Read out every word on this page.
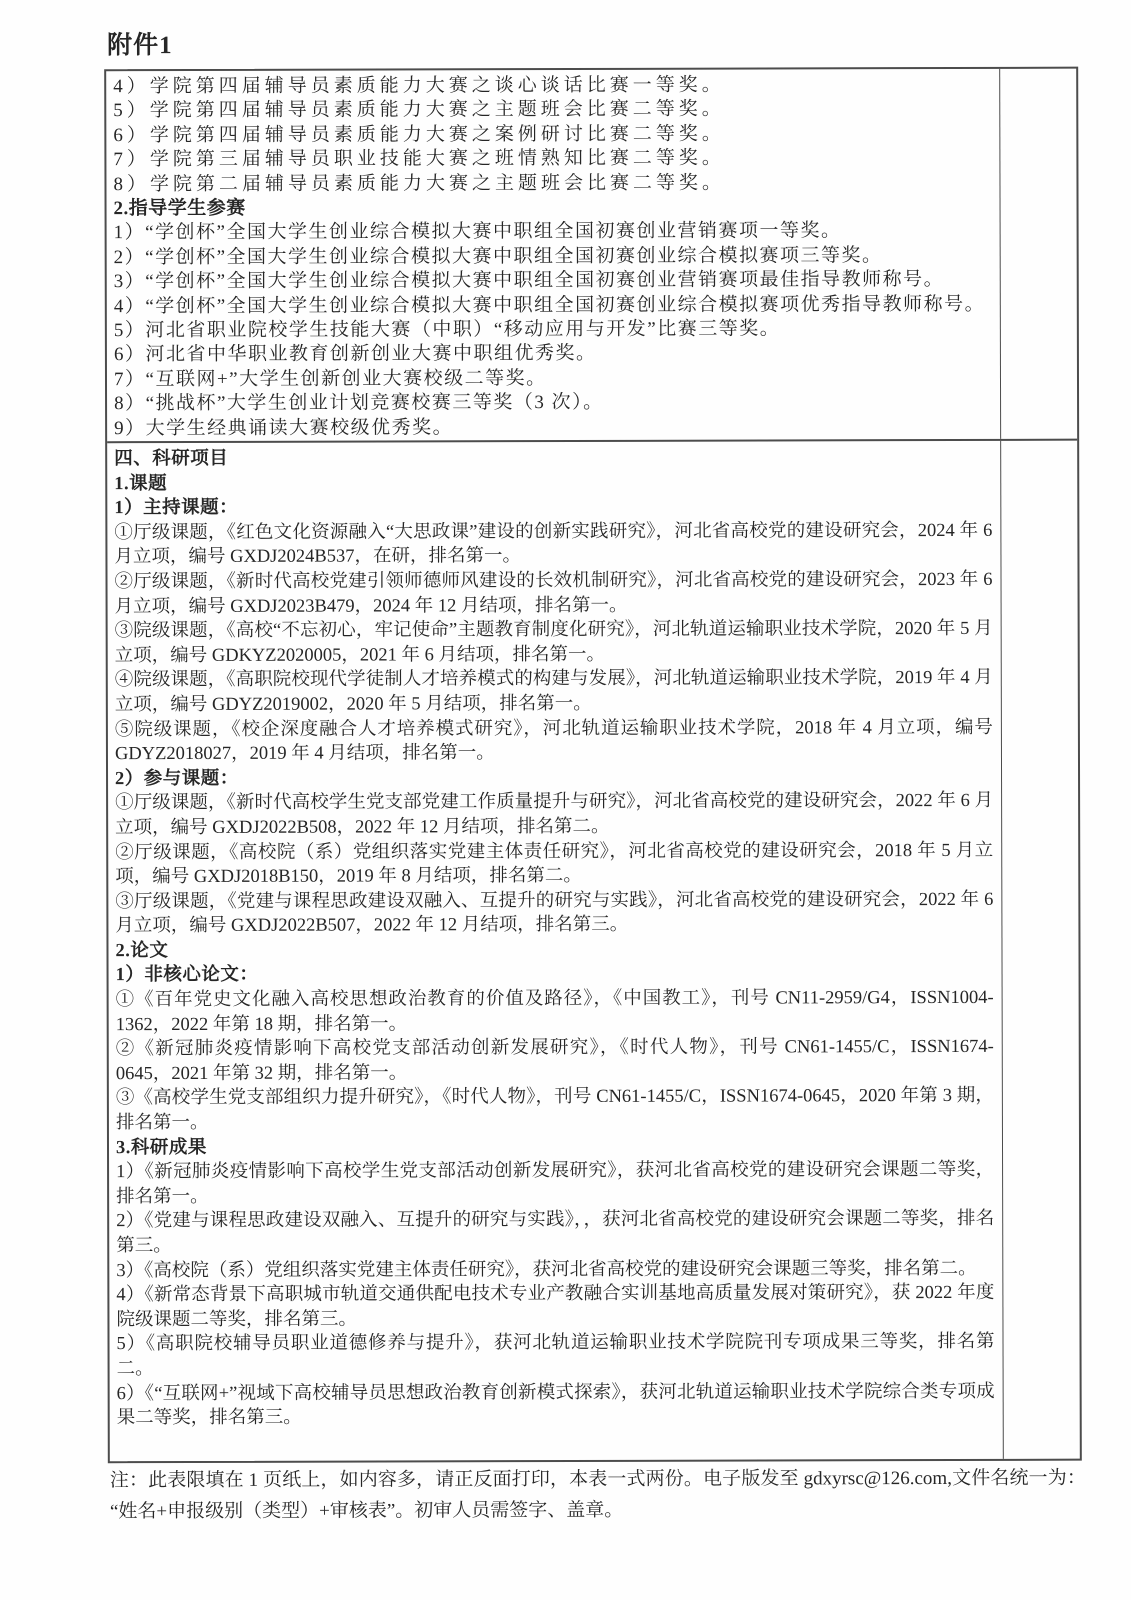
附件1

4）学院第四届辅导员素质能力大赛之谈心谈话比赛一等奖。

5）学院第四届辅导员素质能力大赛之主题班会比赛二等奖。

6）学院第四届辅导员素质能力大赛之案例研讨比赛二等奖。

7）学院第三届辅导员职业技能大赛之班情熟知比赛二等奖。

8）学院第二届辅导员素质能力大赛之主题班会比赛二等奖。

2.指导学生参赛

1）“学创杯”全国大学生创业综合模拟大赛中职组全国初赛创业营销赛项一等奖。

2）“学创杯”全国大学生创业综合模拟大赛中职组全国初赛创业综合模拟赛项三等奖。

3）“学创杯”全国大学生创业综合模拟大赛中职组全国初赛创业营销赛项最佳指导教师称号。

4）“学创杯”全国大学生创业综合模拟大赛中职组全国初赛创业综合模拟赛项优秀指导教师称号。

5）河北省职业院校学生技能大赛（中职）“移动应用与开发”比赛三等奖。

6）河北省中华职业教育创新创业大赛中职组优秀奖。

7）“互联网+”大学生创新创业大赛校级二等奖。

8）“挑战杯”大学生创业计划竞赛校赛三等奖（3 次）。

9）大学生经典诵读大赛校级优秀奖。

四、科研项目

1.课题

1）主持课题：

①厅级课题，《红色文化资源融入“大思政课”建设的创新实践研究》，河北省高校党的建设研究会，2024 年 6 月立项，编号 GXDJ2024B537，在研，排名第一。

②厅级课题，《新时代高校党建引领师德师风建设的长效机制研究》，河北省高校党的建设研究会，2023 年 6 月立项，编号 GXDJ2023B479，2024 年 12 月结项，排名第一。

③院级课题，《高校“不忘初心，牢记使命”主题教育制度化研究》，河北轨道运输职业技术学院，2020 年 5 月立项，编号 GDKYZ2020005，2021 年 6 月结项，排名第一。

④院级课题，《高职院校现代学徒制人才培养模式的构建与发展》，河北轨道运输职业技术学院，2019 年 4 月立项，编号 GDYZ2019002，2020 年 5 月结项，排名第一。

⑤院级课题，《校企深度融合人才培养模式研究》，河北轨道运输职业技术学院，2018 年 4 月立项，编号 GDYZ2018027，2019 年 4 月结项，排名第一。

2）参与课题：

①厅级课题，《新时代高校学生党支部党建工作质量提升与研究》，河北省高校党的建设研究会，2022 年 6 月立项，编号 GXDJ2022B508，2022 年 12 月结项，排名第二。

②厅级课题，《高校院（系）党组织落实党建主体责任研究》，河北省高校党的建设研究会，2018 年 5 月立项，编号 GXDJ2018B150，2019 年 8 月结项，排名第二。

③厅级课题，《党建与课程思政建设双融入、互提升的研究与实践》，河北省高校党的建设研究会，2022 年 6 月立项，编号 GXDJ2022B507，2022 年 12 月结项，排名第三。

2.论文

1）非核心论文：

①《百年党史文化融入高校思想政治教育的价值及路径》，《中国教工》，刊号 CN11-2959/G4，ISSN1004-1362，2022 年第 18 期，排名第一。

②《新冠肺炎疫情影响下高校党支部活动创新发展研究》，《时代人物》，刊号 CN61-1455/C，ISSN1674-0645，2021 年第 32 期，排名第一。

③《高校学生党支部组织力提升研究》，《时代人物》，刊号 CN61-1455/C，ISSN1674-0645，2020 年第 3 期，排名第一。

3.科研成果

1）《新冠肺炎疫情影响下高校学生党支部活动创新发展研究》，获河北省高校党的建设研究会课题二等奖，排名第一。

2）《党建与课程思政建设双融入、互提升的研究与实践》，，获河北省高校党的建设研究会课题二等奖，排名第三。

3）《高校院（系）党组织落实党建主体责任研究》，获河北省高校党的建设研究会课题三等奖，排名第二。

4）《新常态背景下高职城市轨道交通供配电技术专业产教融合实训基地高质量发展对策研究》，获 2022 年度院级课题二等奖，排名第三。

5）《高职院校辅导员职业道德修养与提升》，获河北轨道运输职业技术学院院刊专项成果三等奖，排名第二。

6）《“互联网+”视域下高校辅导员思想政治教育创新模式探索》，获河北轨道运输职业技术学院综合类专项成果二等奖，排名第三。

注：此表限填在 1 页纸上，如内容多，请正反面打印，本表一式两份。电子版发至 gdxyrsc@126.com,文件名统一为：“姓名+申报级别（类型）+审核表”。初审人员需签字、盖章。
